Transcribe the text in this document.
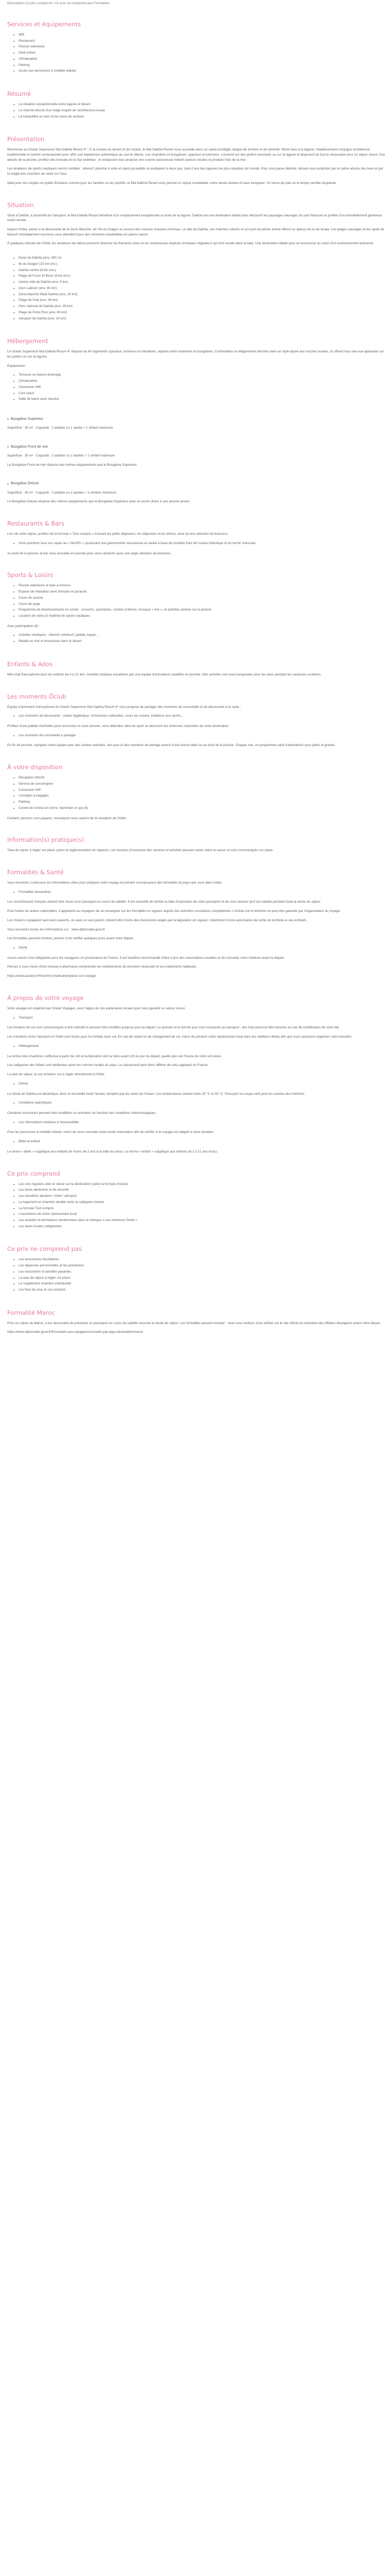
Description Ce prix comprend / Ce prix ne comprend pas Formalités

Services et équipements
• Wifi
• Restaurant
• Piscine extérieure
• Club enfant
• Climatisation
• Parking
• Accès aux personnes à mobilité réduite
Résumé
• La situation exceptionnelle entre lagune et désert
• Le charme discret d'un lodge inspiré de l'architecture locale
• La tranquillité au sein d'une oasis de verdure
Présentation

Bienvenue au Océan Supervisor Mia Dakhla Resort 4* ! À la croisée du désert et de l'océan, le Mia Dakhla Resort vous accueille dans un cadre privilégié, baigné de lumière et de sérénité. Niché face à la lagune, l'établissement conjugue architecture traditionnelle et confort contemporain pour offrir une expérience authentique au sud du Maroc. Les chambres et bungalows, spacieux et lumineux, s'ouvrent sur des jardins luxuriants ou sur la lagune et disposent de tout le nécessaire pour un séjour réussi. Aux abords de la piscine, profitez des transats et du bar extérieur ; le restaurant vous propose une cuisine savoureuse mêlant saveurs locales et produits frais de la mer.

Les amateurs de sports nautiques seront comblés : kitesurf, planche à voile et stand up paddle se pratiquent à deux pas, dans l'une des lagunes les plus réputées du monde. Pour une pause détente, laissez-vous emporter par le calme absolu des lieux et par la magie des couchers de soleil sur l'eau.

Idéal pour les couples en quête d'évasion comme pour les familles ou les sportifs, le Mia Dakhla Resort vous promet un séjour inoubliable, entre dunes dorées et eaux turquoise. Un havre de paix où le temps semble suspendu.

Situation

Situé à Dakhla, à proximité de l'aéroport, le Mia Dakhla Resort bénéficie d'un emplacement exceptionnel au bord de la lagune. Dakhla est une destination idéale pour découvrir les paysages sauvages du sud marocain et profiter d'un ensoleillement généreux toute l'année.

Depuis l'hôtel, partez à la découverte de la Dune Blanche, de l'île du Dragon ou encore des sources chaudes d'Asmaa. La ville de Dakhla, ses marchés colorés et son port de pêche animé offrent un aperçu de la vie locale. Les plages sauvages et les spots de kitesurf mondialement reconnus vous attendent pour des moments inoubliables en pleine nature.

À quelques minutes de l'hôtel, les amateurs de nature pourront observer les flamants roses et les nombreuses espèces d'oiseaux migrateurs qui font escale dans la baie. Une destination idéale pour se ressourcer au cœur d'un environnement préservé.

• Dune de Dakhla (env. 300 m)
• Ile du Dragon (10 km env.)
• Dakhla centre (8 km env.)
• Plage de Foum El Bouir (6 km env.)
• Centre-ville de Dakhla (env. 5 km)
• Oum Labouïr (env. 40 km)
• Dune blanche Wadi Dakhla (env. 20 km)
• Plage de l'Isla (env. 40 km)
• Parc national de Dakhla (env. 30 km)
• Plage de Porto Rico (env. 60 km)
• Aéroport de Dakhla (env. 10 km)
Hébergement

Le Océan Supervisor Mia Dakhla Resort 4* dispose de 60 logements spacieux, lumineux et climatisés, répartis entre chambres et bungalows. Confortables et élégamment décorés dans un style épuré aux touches locales, ils offrent tous une vue apaisante sur les jardins ou sur la lagune.

Équipement :

• Terrasse ou balcon aménagé
• Climatisation
• Connexion Wifi
• Coin salon
• Salle de bains avec douche
• Bungalow Supérieur

Superficie : 35 m² - Capacité : 2 adultes ou 1 adulte + 1 enfant maximum

• Bungalow Front de mer

Superficie : 35 m² - Capacité : 2 adultes ou 2 adultes + 1 enfant maximum

Le Bungalow Front de mer dispose des mêmes équipements que le Bungalow Supérieur.

• Bungalow Deluxe

Superficie : 45 m² - Capacité : 3 adultes ou 2 adultes + 2 enfants maximum

Le Bungalow Deluxe dispose des mêmes équipements que le Bungalow Supérieur avec un accès direct à une piscine privée.

Restaurants & Bars

Lors de votre séjour, profitez de la formule « Tout compris » incluant les petits déjeuners, les déjeuners et les dîners, ainsi qu'une sélection de boissons.

• Vous prendrez tous vos repas au « NAURI », proposant une gastronomie savoureuse et variée à base de produits frais de l'océan Atlantique et du terroir marocain.

Au bord de la piscine, le bar vous accueille en journée pour vous rafraîchir avec une large sélection de boissons.

Sports & Loisirs
• Piscine extérieure et bain à remous
• Espace de relaxation avec transats et parasols
• Cours de cuisine
• Cours de yoga
• Programme de divertissements en soirée : concerts, spectacles, soirées à thème, musique « live », et activités variées sur la piscine
• Location de vélos et matériel de sports nautiques

Avec participation (€) :

• Activités nautiques : kitesurf, windsurf, paddle, kayak...
• Balade en 4x4 et excursions dans le désert
Enfants & Ados

Mini-club francophone pour les enfants de 4 à 12 ans. Activités ludiques encadrées par une équipe d'animateurs qualifiés en journée. Des activités sont aussi proposées pour les ados pendant les vacances scolaires.

Les moments Ôclub

Équipe d'animation francophone du Océan Supervisor Mia Dakhla Resort 4* vous propose de partager des moments de convivialité et de découverte à la carte :

• Les moments de découverte : visites hygiénique, immersions culturelles, cours de cuisine, initiations aux sports...

Profitez d'une palette d'activités pour rencontrer et vous amuser, vous détendre, faire du sport ou découvrir les richesses culturelles de votre destination.

• Les moments de convivialité à partager

En fin de journée, rejoignez notre équipe pour des soirées animées, des jeux et des moments de partage autour d'une bonne table ou au bord de la piscine. Chaque soir, un programme varié d'animations pour petits et grands.

À votre disposition
• Réception 24h/24
• Service de conciergerie
• Connexion Wifi
• Consigne à bagages
• Parking
• Centre de remise en forme, hammam et spa (€)

Certains services sont payants, renseignez-vous auprès de la réception de l'hôtel.

Information(s) pratique(s)

Taxe de séjour à régler sur place (selon la réglementation en vigueur). Les horaires d'ouverture des services et activités peuvent varier selon la saison et sont communiqués sur place.

Formalités & Santé

Vous trouverez ci-dessous les informations utiles pour préparer votre voyage et prendre connaissance des formalités du pays que vous allez visiter.

• Formalités douanières

Les ressortissants français doivent être munis d'un passeport en cours de validité. Il est conseillé de vérifier la date d'expiration de votre passeport et de vous assurer qu'il est valable pendant toute la durée du séjour.

Pour toutes les autres nationalités, il appartient au voyageur de se renseigner sur les formalités en vigueur auprès des autorités consulaires compétentes. L'entrée sur le territoire ne peut être garantie par l'organisateur du voyage.

Les mineurs voyageant sans leurs parents, ou avec un seul parent, doivent être munis des documents exigés par la législation en vigueur, notamment d'une autorisation de sortie du territoire le cas échéant.

Vous trouverez toutes les informations sur : www.diplomatie.gouv.fr

Les formalités peuvent évoluer, pensez à les vérifier quelques jours avant votre départ.

• Santé

Aucun vaccin n'est obligatoire pour les voyageurs en provenance de France. Il est toutefois recommandé d'être à jour des vaccinations usuelles et de consulter votre médecin avant le départ.

Pensez à vous munir d'une trousse à pharmacie comprenant les médicaments de première nécessité et vos traitements habituels.

https://www.pasteur.fr/fr/centre-medical/preparer-son-voyage

À propos de votre voyage

Votre voyage est organisé par Océan Voyages, avec l'appui de nos partenaires locaux pour vous garantir un séjour réussi.

• Transport

Les horaires de vol sont communiqués à titre indicatif et peuvent être modifiés jusqu'au jour du départ. Le premier et le dernier jour sont consacrés au transport ; des frais pourront être facturés en cas de modification de votre fait.

Les transferts entre l'aéroport et l'hôtel sont inclus pour les forfaits avec vol. En cas de retard ou de changement de vol, merci de prévenir notre représentant local dans les meilleurs délais afin que nous puissions organiser votre transfert.

• Hébergement

La remise des chambres s'effectue à partir de 14h et la libération doit se faire avant 12h le jour du départ, quelle que soit l'heure de votre vol retour.

Les catégories des hôtels sont attribuées selon les normes locales du pays. Le classement peut donc différer de celui appliqué en France.

La taxe de séjour, le cas échéant, est à régler directement à l'hôtel.

• Climat

Le climat de Dakhla est désertique, doux et ensoleillé toute l'année, tempéré par les vents de l'océan. Les températures varient entre 20 °C et 30 °C. Prévoyez un coupe-vent pour les soirées plus fraîches.

• Conditions spécifiques

Certaines excursions peuvent être modifiées ou annulées en fonction des conditions météorologiques.

• Les informations relatives à l'accessibilité

Pour les personnes à mobilité réduite, merci de nous consulter avant toute réservation afin de vérifier si le voyage est adapté à votre situation.

• Bébé et enfant

Le terme « bébé » s'applique aux enfants de moins de 2 ans à la date du retour. Le terme « enfant » s'applique aux enfants de 2 à 11 ans inclus.

Ce prix comprend
• Les vols réguliers aller et retour sur la destination (selon la formule choisie)
• Les taxes aériennes et de sécurité
• Les transferts aéroport / hôtel / aéroport
• Le logement en chambre double selon la catégorie choisie
• La formule Tout compris
• L'assistance de notre représentant local
• Les activités et animations mentionnées dans la rubrique « Les moments Ôclub »
• Les taxes locales obligatoires
Ce prix ne comprend pas
• Les assurances facultatives
• Les dépenses personnelles et les pourboires
• Les excursions et activités payantes
• La taxe de séjour à régler sur place
• Le supplément chambre individuelle
• Les frais de visa, le cas échéant
Formalité Maroc

Pour un séjour au Maroc, il est nécessaire de présenter un passeport en cours de validité couvrant la durée du séjour. Les formalités peuvent évoluer : nous vous invitons à les vérifier sur le site officiel du ministère des Affaires étrangères avant votre départ.

https://www.diplomatie.gouv.fr/fr/conseils-aux-voyageurs/conseils-par-pays-destination/maroc
